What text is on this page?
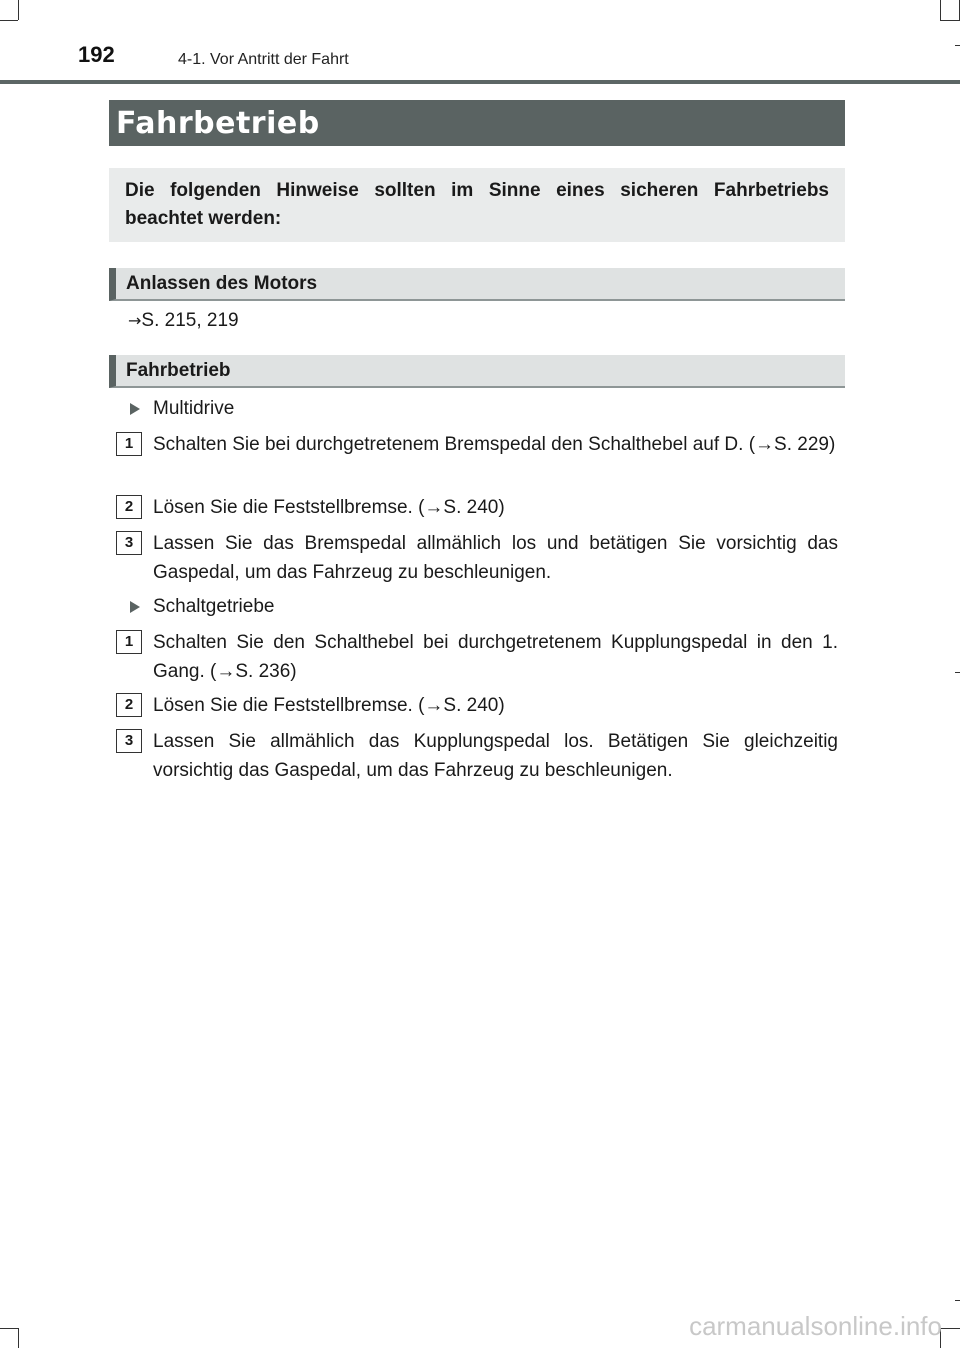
192	4-1. Vor Antritt der Fahrt
Fahrbetrieb
Die folgenden Hinweise sollten im Sinne eines sicheren Fahrbetriebs beachtet werden:
Anlassen des Motors
→S. 215, 219
Fahrbetrieb
Multidrive
1	Schalten Sie bei durchgetretenem Bremspedal den Schalthebel auf D. (→S. 229)
2	Lösen Sie die Feststellbremse. (→S. 240)
3	Lassen Sie das Bremspedal allmählich los und betätigen Sie vorsichtig das Gaspedal, um das Fahrzeug zu beschleunigen.
Schaltgetriebe
1	Schalten Sie den Schalthebel bei durchgetretenem Kupplungspedal in den 1. Gang. (→S. 236)
2	Lösen Sie die Feststellbremse. (→S. 240)
3	Lassen Sie allmählich das Kupplungspedal los. Betätigen Sie gleichzeitig vorsichtig das Gaspedal, um das Fahrzeug zu beschleunigen.
carmanualsonline.info
